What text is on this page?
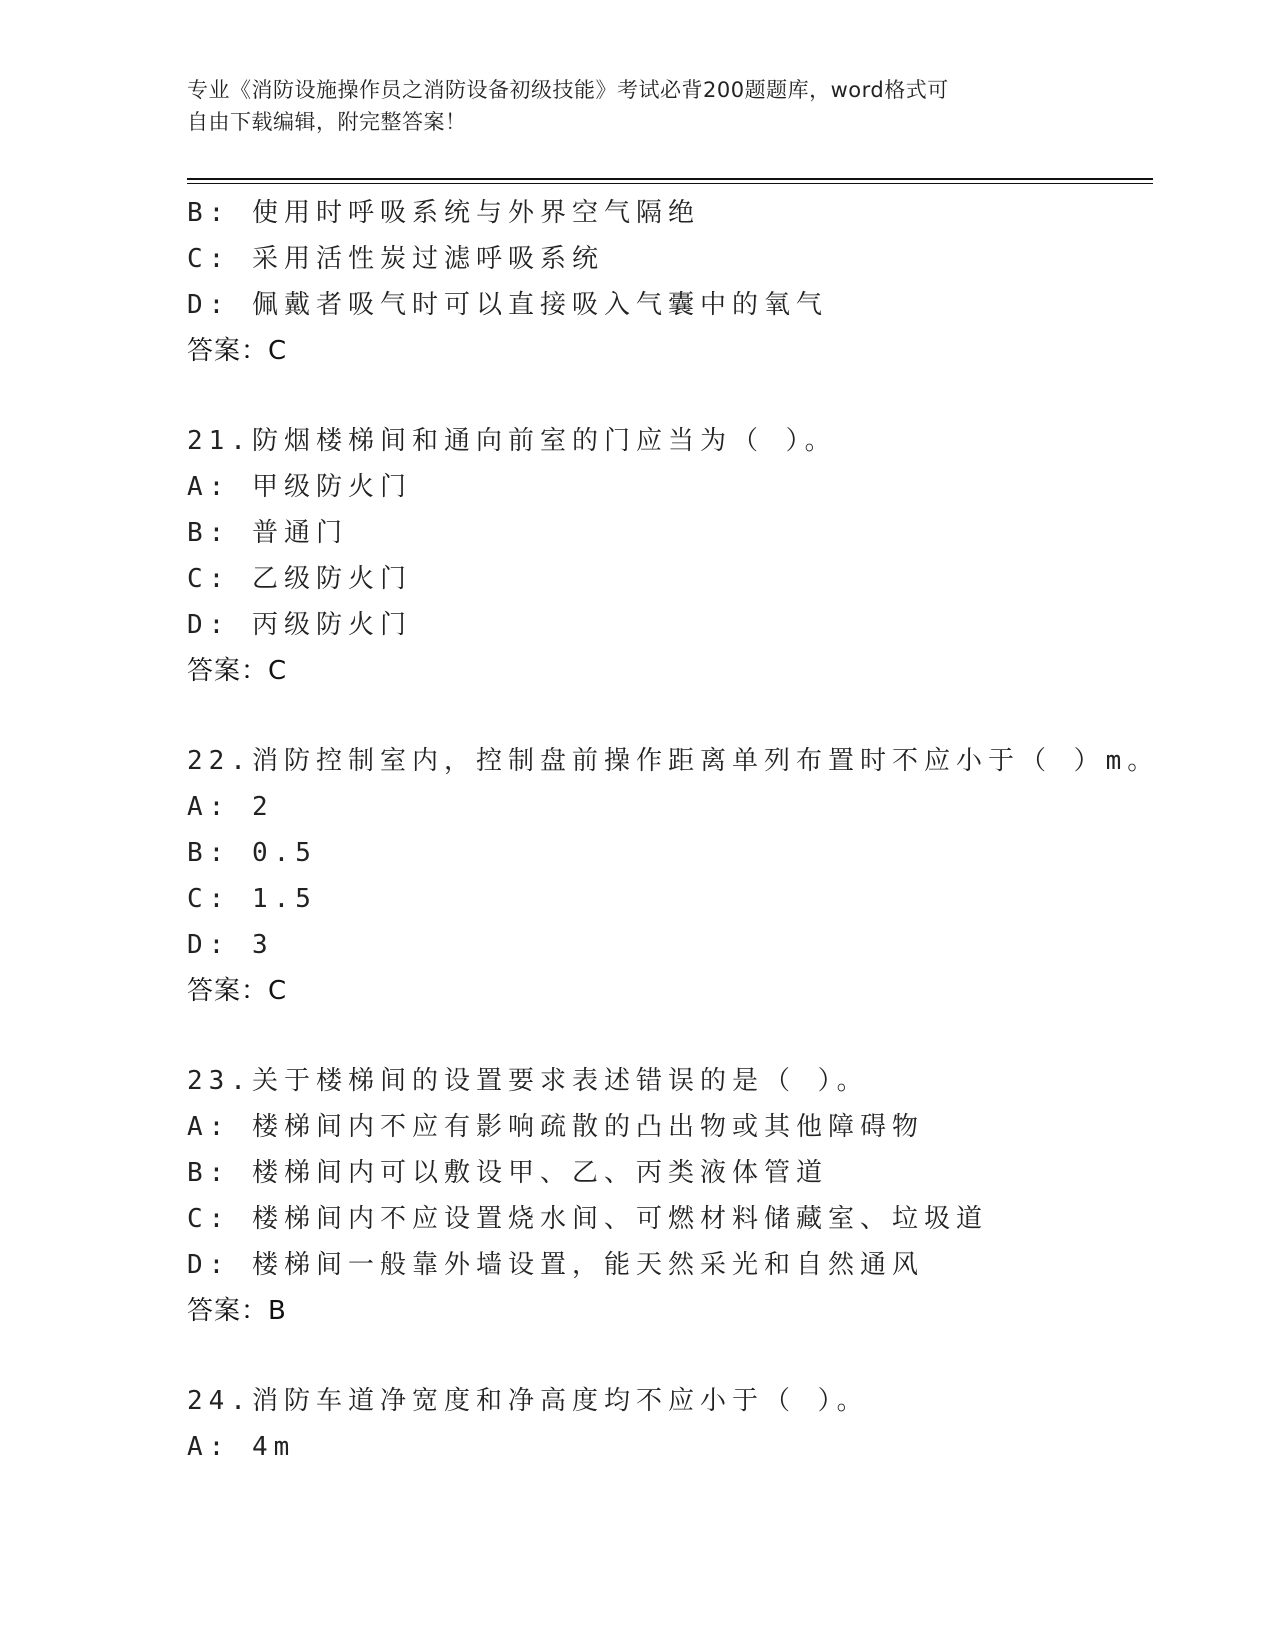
专业《消防设施操作员之消防设备初级技能》考试必背200题题库，word格式可
自由下载编辑，附完整答案！
B: 使用时呼吸系统与外界空气隔绝
C: 采用活性炭过滤呼吸系统
D: 佩戴者吸气时可以直接吸入气囊中的氧气
答案：C
21.防烟楼梯间和通向前室的门应当为（ ）。
A: 甲级防火门
B: 普通门
C: 乙级防火门
D: 丙级防火门
答案：C
22.消防控制室内，控制盘前操作距离单列布置时不应小于（ ）m。
A: 2
B: 0.5
C: 1.5
D: 3
答案：C
23.关于楼梯间的设置要求表述错误的是（ ）。
A: 楼梯间内不应有影响疏散的凸出物或其他障碍物
B: 楼梯间内可以敷设甲、乙、丙类液体管道
C: 楼梯间内不应设置烧水间、可燃材料储藏室、垃圾道
D: 楼梯间一般靠外墙设置，能天然采光和自然通风
答案：B
24.消防车道净宽度和净高度均不应小于（ ）。
A: 4m
